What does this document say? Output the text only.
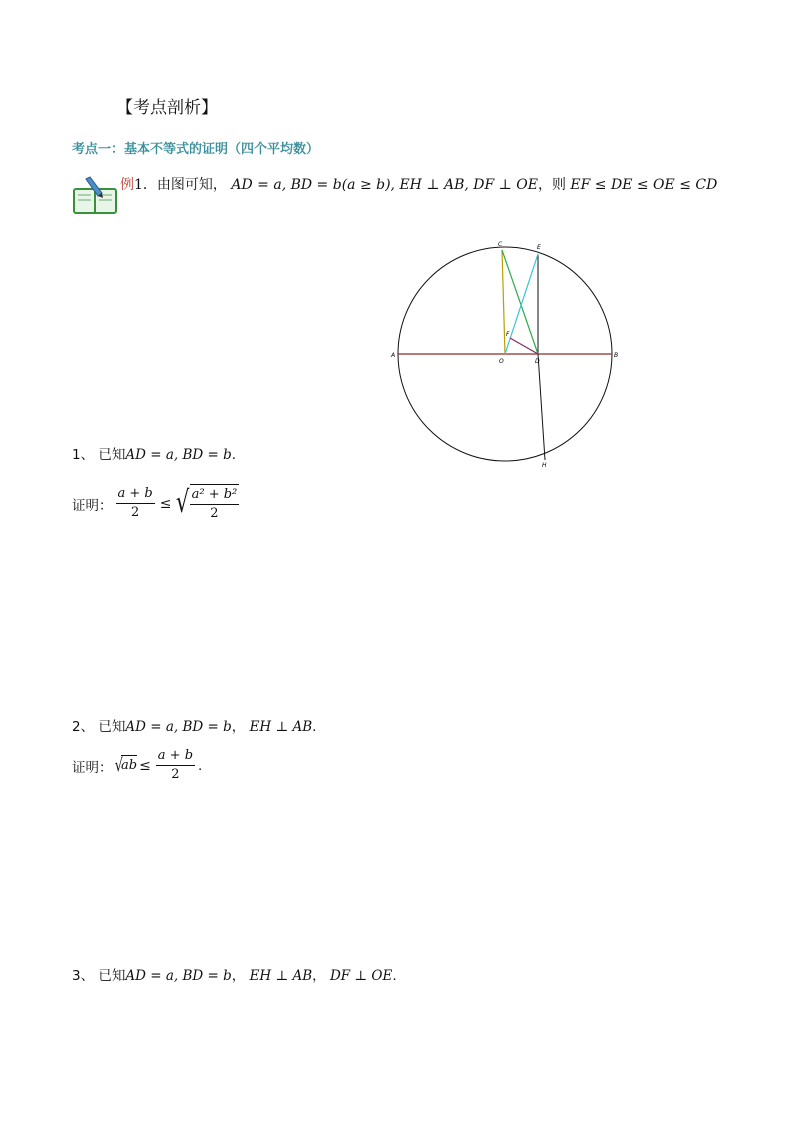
【考点剖析】
考点一：基本不等式的证明（四个平均数）
例1．由图可知， AD = a, BD = b(a ≥ b), EH ⊥ AB, DF ⊥ OE，则 EF ≤ DE ≤ OE ≤ CD
C	E
F
A	B
O	D
H
1、 已知AD = a, BD = b.
证明： $\frac{a + b}{2}$ ≤ √ $\frac{\text{a² + b²}}{2}$
2、 已知AD = a, BD = b， EH ⊥ AB.
证明： √
ab ≤ $\frac{a + b}{2}$ .
3、 已知AD = a, BD = b， EH ⊥ AB， DF ⊥ OE.
